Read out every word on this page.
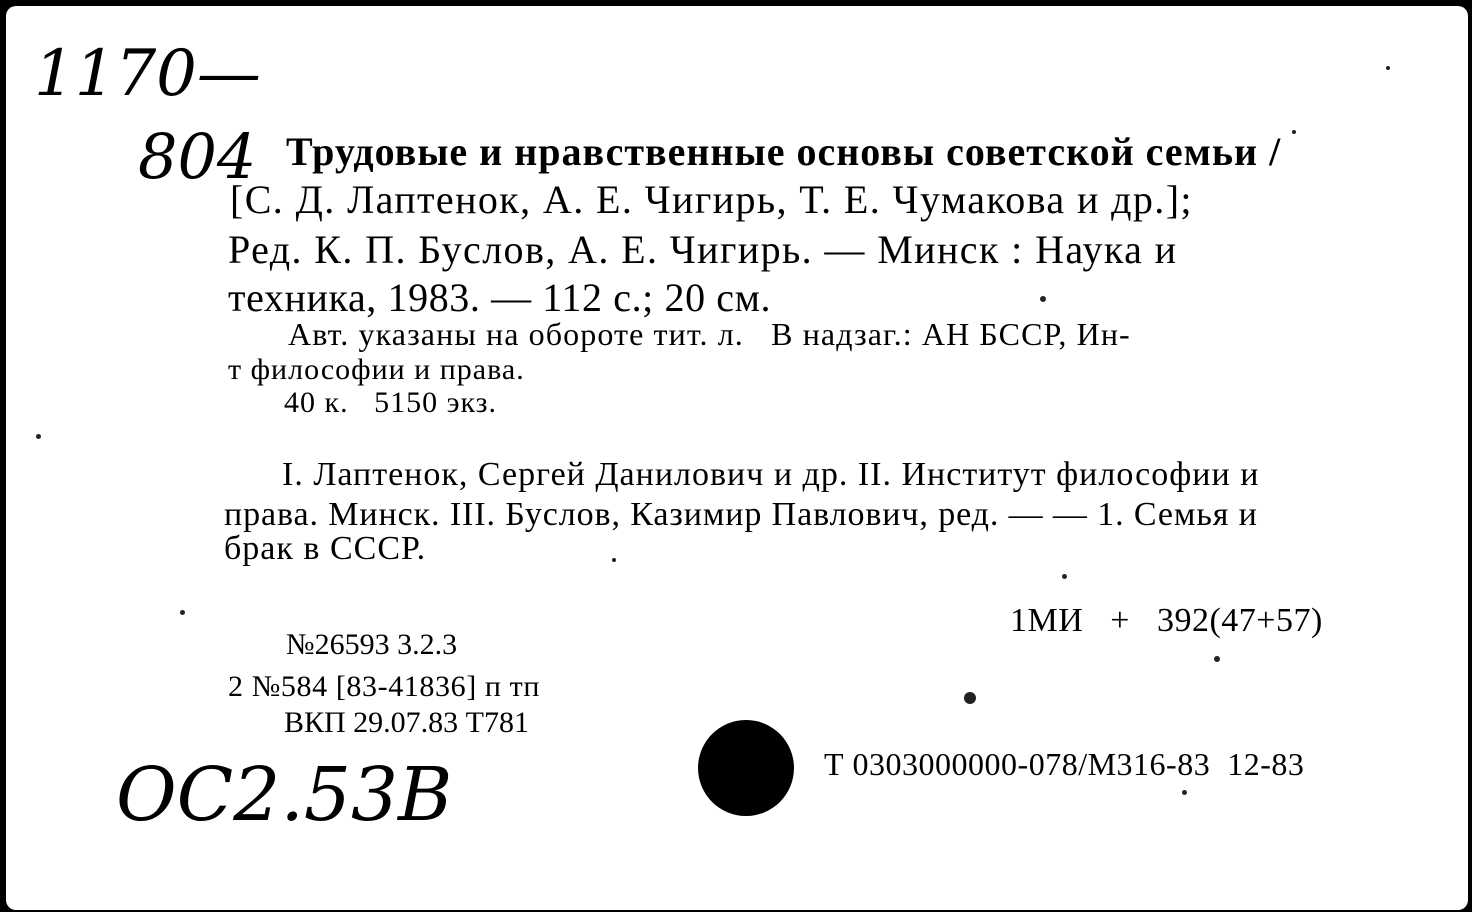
1170—
804
ОС2.53В
Трудовые и нравственные основы советской семьи /
[С. Д. Лаптенок, А. Е. Чигирь, Т. Е. Чумакова и др.];
Ред. К. П. Буслов, А. Е. Чигирь. — Минск : Наука и
техника, 1983. — 112 с.; 20 см.
Авт. указаны на обороте тит. л.   В надзаг.: АН БССР, Ин-
т философии и права.
40 к.   5150 экз.
I. Лаптенок, Сергей Данилович и др. II. Институт философии и
права. Минск. III. Буслов, Казимир Павлович, ред. — — 1. Семья и
брак в СССР.
1МИ   +   392(47+57)
№26593 3.2.3
2 №584 [83-41836] п тп
ВКП 29.07.83 Т781
Т 0303000000-078/М316-83  12-83
